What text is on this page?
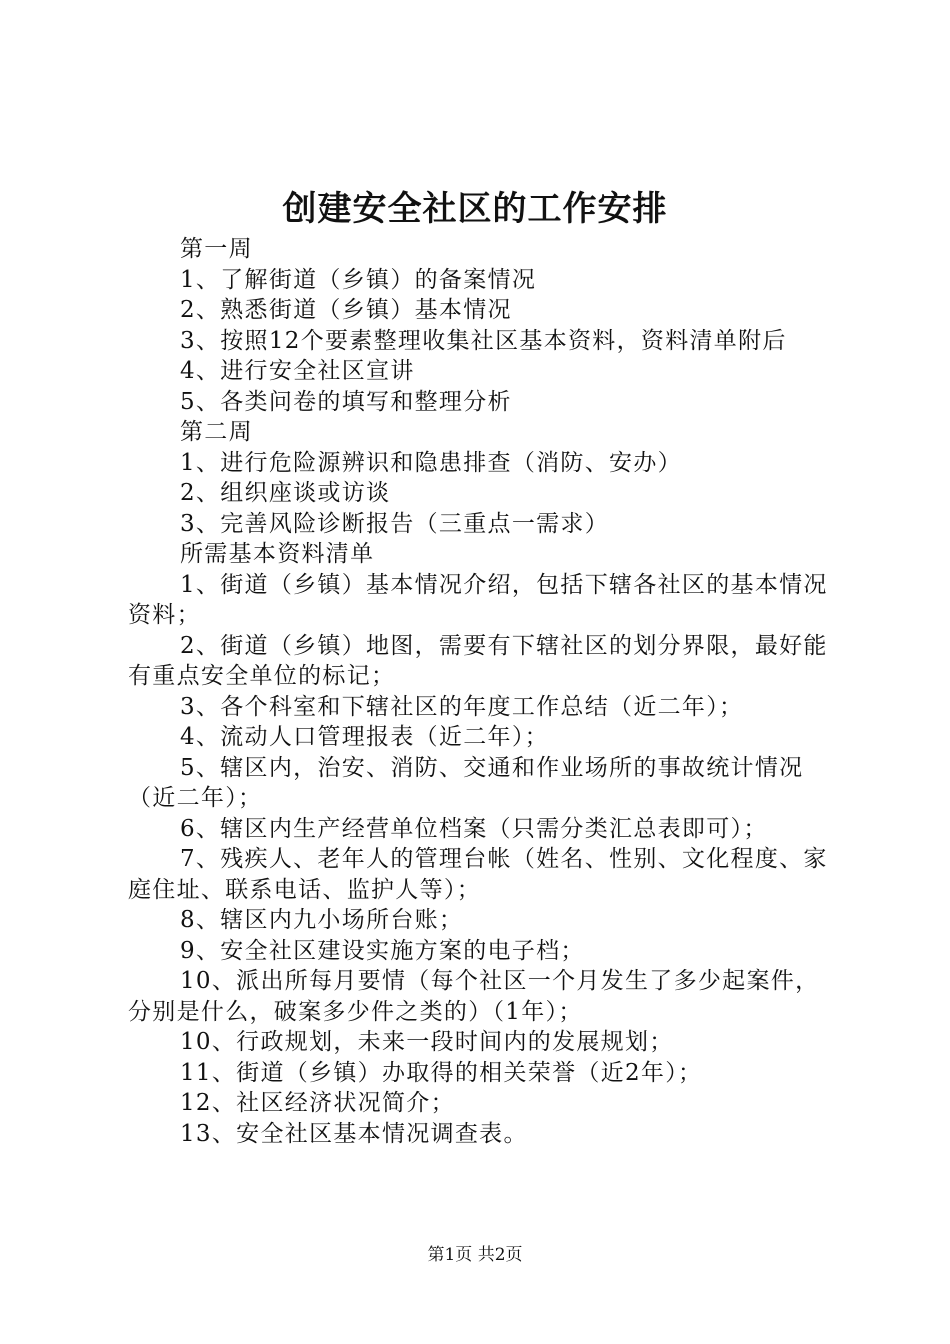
创建安全社区的工作安排

第一周

1、了解街道（乡镇）的备案情况

2、熟悉街道（乡镇）基本情况

3、按照12个要素整理收集社区基本资料，资料清单附后

4、进行安全社区宣讲

5、各类问卷的填写和整理分析

第二周

1、进行危险源辨识和隐患排查（消防、安办）

2、组织座谈或访谈

3、完善风险诊断报告（三重点一需求）

所需基本资料清单

1、街道（乡镇）基本情况介绍，包括下辖各社区的基本情况资料；

2、街道（乡镇）地图，需要有下辖社区的划分界限，最好能有重点安全单位的标记；

3、各个科室和下辖社区的年度工作总结（近二年）；

4、流动人口管理报表（近二年）；

5、辖区内，治安、消防、交通和作业场所的事故统计情况（近二年）；

6、辖区内生产经营单位档案（只需分类汇总表即可）；

7、残疾人、老年人的管理台帐（姓名、性别、文化程度、家庭住址、联系电话、监护人等）；

8、辖区内九小场所台账；

9、安全社区建设实施方案的电子档；

10、派出所每月要情（每个社区一个月发生了多少起案件，分别是什么，破案多少件之类的）（1年）；

10、行政规划，未来一段时间内的发展规划；

11、街道（乡镇）办取得的相关荣誉（近2年）；

12、社区经济状况简介；

13、安全社区基本情况调查表。

第1页 共2页
